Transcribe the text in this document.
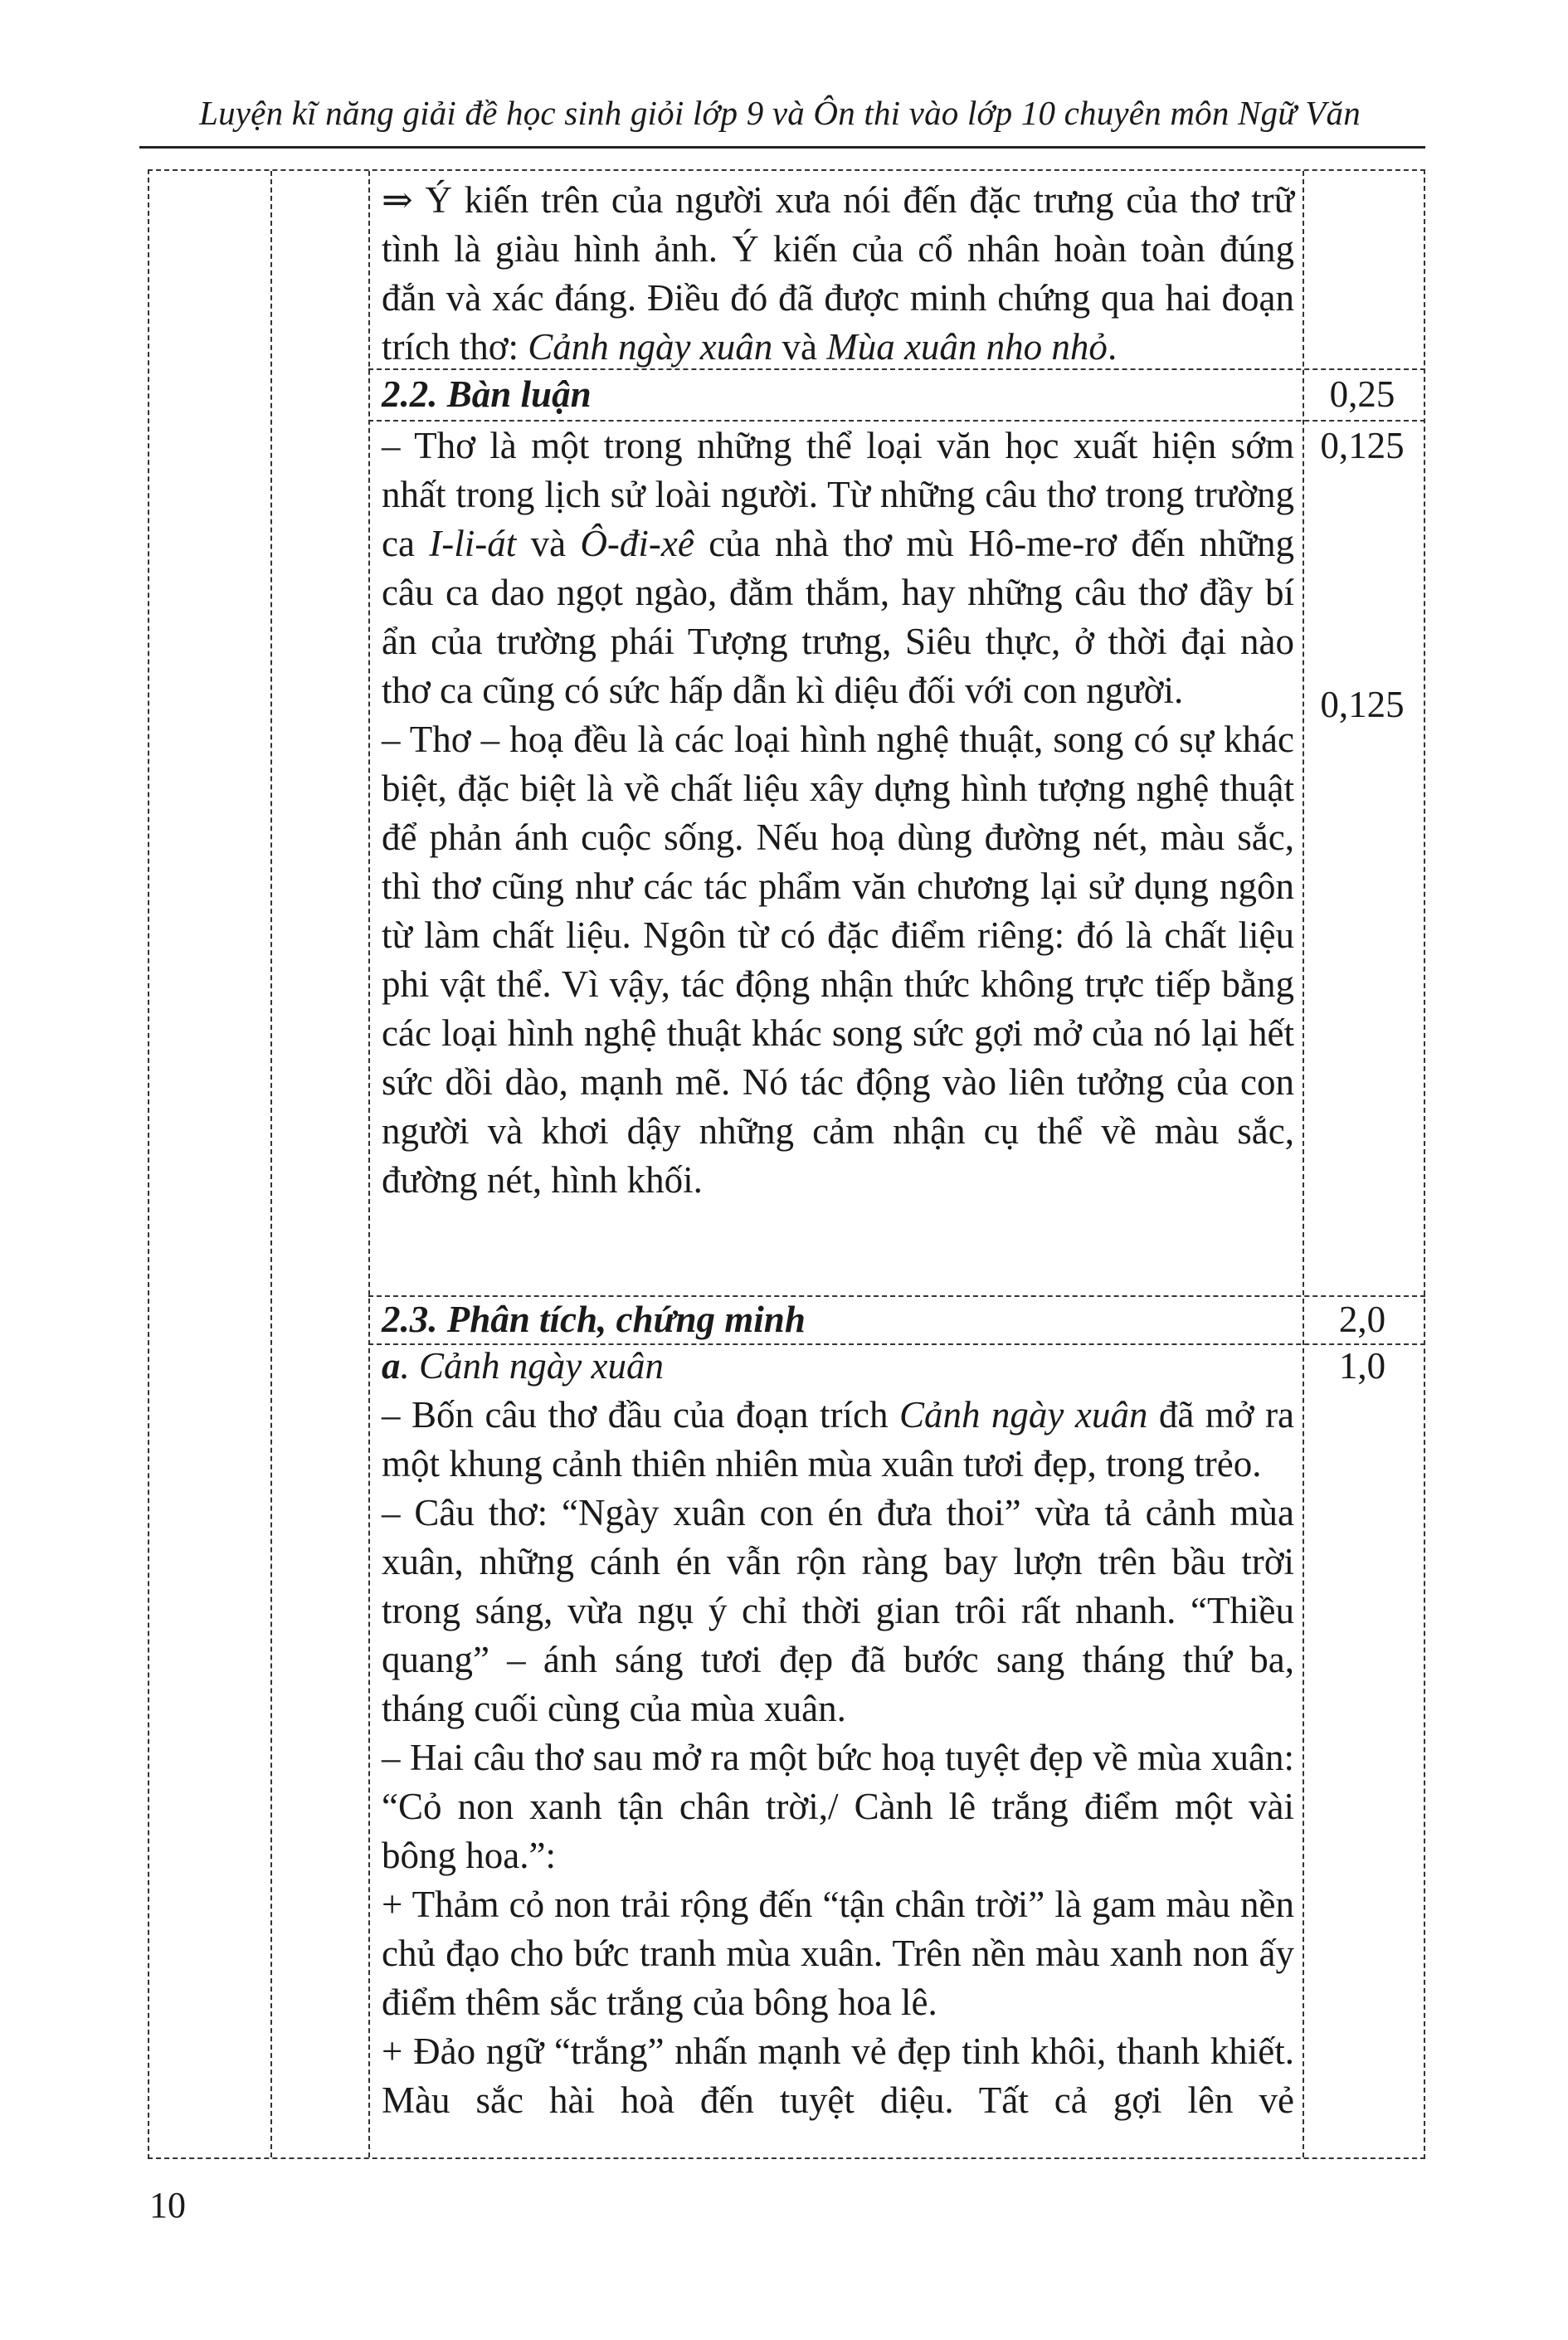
Luyện kĩ năng giải đề học sinh giỏi lớp 9 và Ôn thi vào lớp 10 chuyên môn Ngữ Văn

⇒ Ý kiến trên của người xưa nói đến đặc trưng của thơ trữ tình là giàu hình ảnh. Ý kiến của cổ nhân hoàn toàn đúng đắn và xác đáng. Điều đó đã được minh chứng qua hai đoạn trích thơ: Cảnh ngày xuân và Mùa xuân nho nhỏ.

2.2. Bàn luận	0,25

– Thơ là một trong những thể loại văn học xuất hiện sớm nhất trong lịch sử loài người. Từ những câu thơ trong trường ca I-li-át và Ô-đi-xê của nhà thơ mù Hô-me-rơ đến những câu ca dao ngọt ngào, đằm thắm, hay những câu thơ đầy bí ẩn của trường phái Tượng trưng, Siêu thực, ở thời đại nào thơ ca cũng có sức hấp dẫn kì diệu đối với con người.

– Thơ – hoạ đều là các loại hình nghệ thuật, song có sự khác biệt, đặc biệt là về chất liệu xây dựng hình tượng nghệ thuật để phản ánh cuộc sống. Nếu hoạ dùng đường nét, màu sắc, thì thơ cũng như các tác phẩm văn chương lại sử dụng ngôn từ làm chất liệu. Ngôn từ có đặc điểm riêng: đó là chất liệu phi vật thể. Vì vậy, tác động nhận thức không trực tiếp bằng các loại hình nghệ thuật khác song sức gợi mở của nó lại hết sức dồi dào, mạnh mẽ. Nó tác động vào liên tưởng của con người và khơi dậy những cảm nhận cụ thể về màu sắc, đường nét, hình khối.

0,125
0,125
2.3. Phân tích, chứng minh	2,0

a. Cảnh ngày xuân

– Bốn câu thơ đầu của đoạn trích Cảnh ngày xuân đã mở ra một khung cảnh thiên nhiên mùa xuân tươi đẹp, trong trẻo.

– Câu thơ: “Ngày xuân con én đưa thoi” vừa tả cảnh mùa xuân, những cánh én vẫn rộn ràng bay lượn trên bầu trời trong sáng, vừa ngụ ý chỉ thời gian trôi rất nhanh. “Thiều quang” – ánh sáng tươi đẹp đã bước sang tháng thứ ba, tháng cuối cùng của mùa xuân.

– Hai câu thơ sau mở ra một bức hoạ tuyệt đẹp về mùa xuân: “Cỏ non xanh tận chân trời,/ Cành lê trắng điểm một vài bông hoa.”:

+ Thảm cỏ non trải rộng đến “tận chân trời” là gam màu nền chủ đạo cho bức tranh mùa xuân. Trên nền màu xanh non ấy điểm thêm sắc trắng của bông hoa lê.

+ Đảo ngữ “trắng” nhấn mạnh vẻ đẹp tinh khôi, thanh khiết. Màu sắc hài hoà đến tuyệt diệu. Tất cả gợi lên vẻ

1,0
10
